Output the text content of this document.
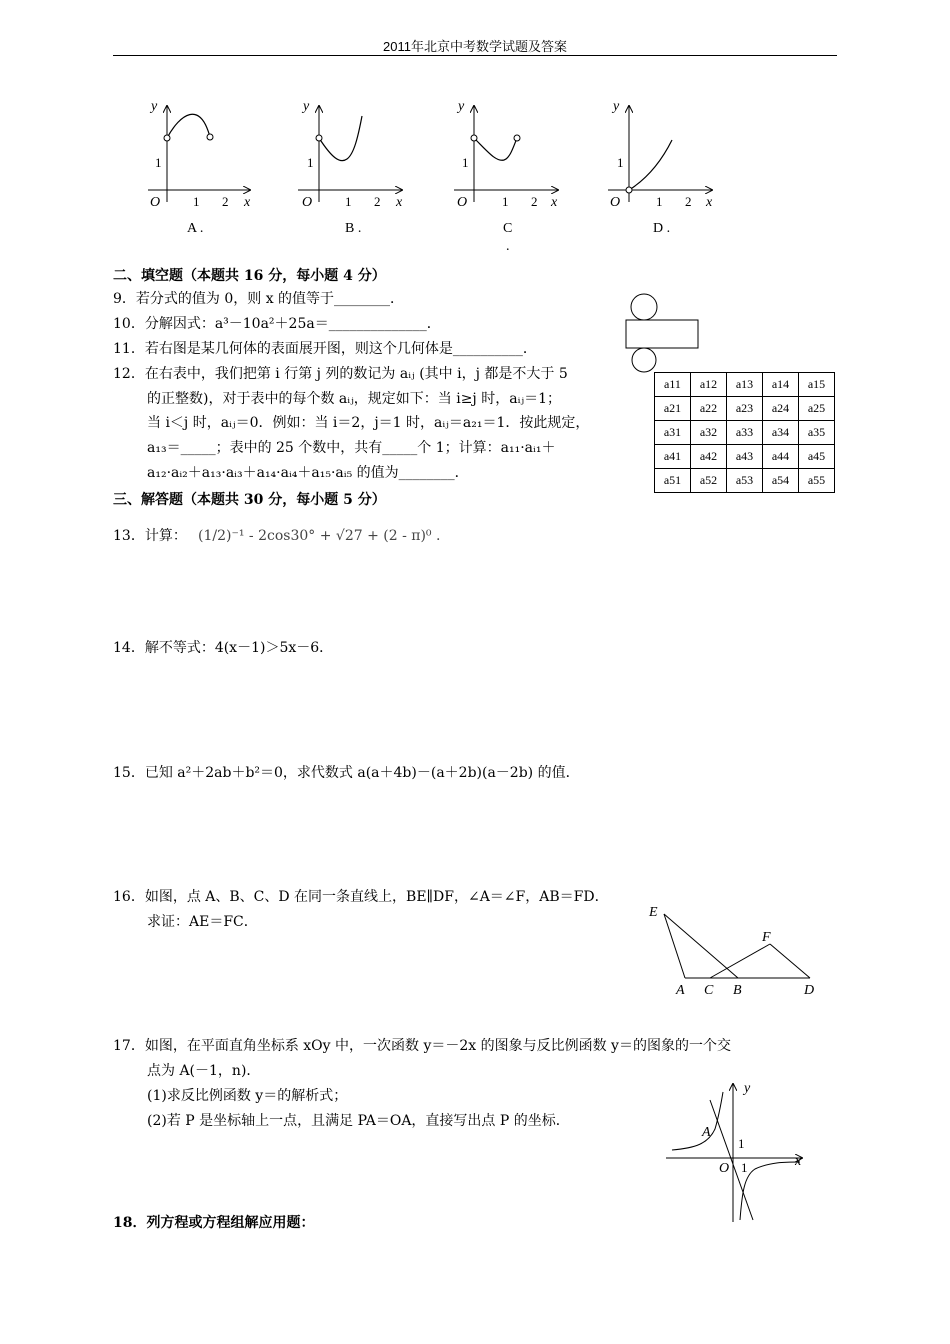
2011年北京中考数学试题及答案
y
x
O
1
1 2
A .
y
x
O
1
1 2
B .
y
x
O
1
1 2
C
.
y
x
O
1
1 2
D .
二、填空题（本题共 16 分，每小题 4 分）
9．若分式的值为 0，则 x 的值等于________．
10．分解因式：a³－10a²＋25a＝______________．
11．若右图是某几何体的表面展开图，则这个几何体是__________．
12．在右表中，我们把第 i 行第 j 列的数记为 aᵢⱼ (其中 i，j 都是不大于 5
的正整数)，对于表中的每个数 aᵢⱼ，规定如下：当 i≥j 时，aᵢⱼ＝1；
当 i＜j 时，aᵢⱼ＝0．例如：当 i＝2，j＝1 时，aᵢⱼ＝a₂₁＝1．按此规定，
a₁₃＝_____；表中的 25 个数中，共有_____个 1；计算：a₁₁·aᵢ₁＋
a₁₂·aᵢ₂＋a₁₃·aᵢ₃＋a₁₄·aᵢ₄＋a₁₅·aᵢ₅ 的值为________．
a11	a12	a13	a14	a15
a21	a22	a23	a24	a25
a31	a32	a33	a34	a35
a41	a42	a43	a44	a45
a51	a52	a53	a54	a55
三、解答题（本题共 30 分，每小题 5 分）
13．计算： (1/2)⁻¹ - 2cos30° + √27 + (2 - π)⁰ .
14．解不等式：4(x－1)＞5x－6．
15．已知 a²＋2ab＋b²＝0，求代数式 a(a＋4b)－(a＋2b)(a－2b) 的值．
16．如图，点 A、B、C、D 在同一条直线上，BE∥DF，∠A＝∠F，AB＝FD．
求证：AE＝FC．
E
F
A C B	D
17．如图，在平面直角坐标系 xOy 中，一次函数 y＝－2x 的图象与反比例函数 y＝的图象的一个交
点为 A(－1，n)．
(1)求反比例函数 y＝的解析式；
(2)若 P 是坐标轴上一点，且满足 PA＝OA，直接写出点 P 的坐标．
x
y
A
O
1
1
18．列方程或方程组解应用题：
